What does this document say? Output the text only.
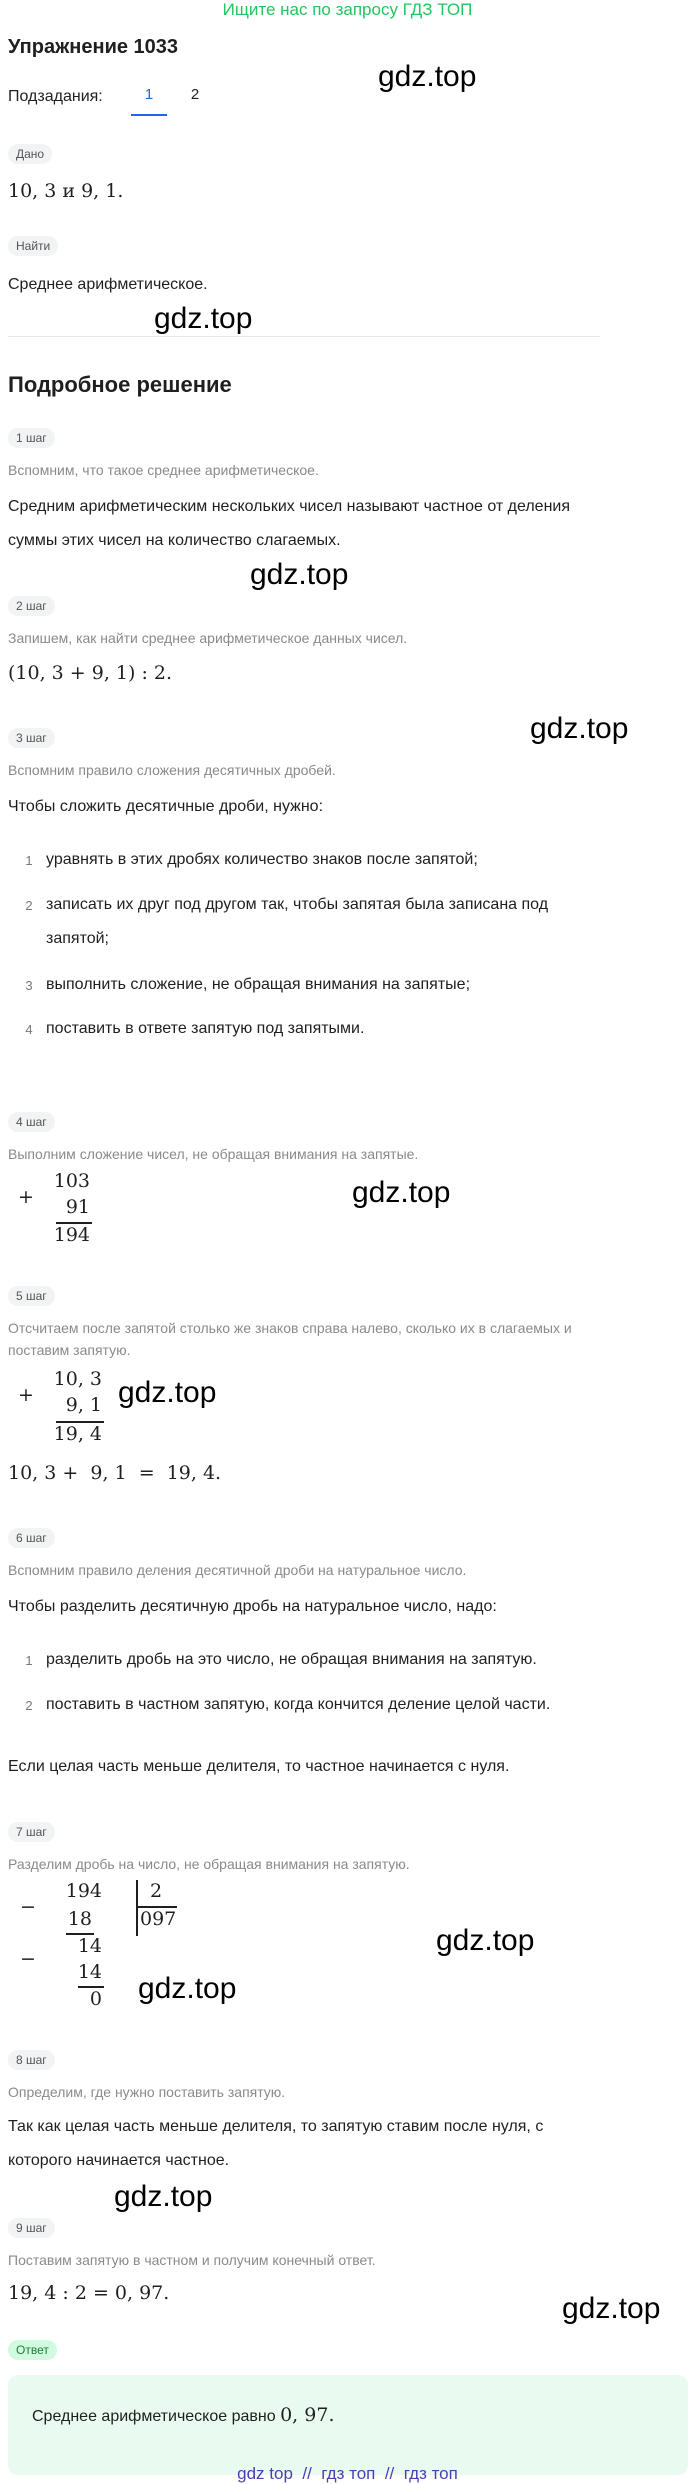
Ищите нас по запросу ГДЗ ТОП
Упражнение 1033
Подзадания:	1	2
gdz.top
Дано
10, 3 и 9, 1.
Найти
Среднее арифметическое.
gdz.top
Подробное решение
1 шаг
Вспомним, что такое среднее арифметическое.
Средним арифметическим нескольких чисел называют частное от деления
суммы этих чисел на количество слагаемых.
gdz.top
2 шаг
Запишем, как найти среднее арифметическое данных чисел.
(10, 3 + 9, 1) : 2.
3 шаг	gdz.top
Вспомним правило сложения десятичных дробей.
Чтобы сложить десятичные дроби, нужно:
1 уравнять в этих дробях количество знаков после запятой;
2 записать их друг под другом так, чтобы запятая была записана под
запятой;
3 выполнить сложение, не обращая внимания на запятые;
4 поставить в ответе запятую под запятыми.
4 шаг
Выполним сложение чисел, не обращая внимания на запятые.
+
103
91
194
gdz.top
5 шаг
Отсчитаем после запятой столько же знаков справа налево, сколько их в слагаемых и
поставим запятую.
+
10, 3
9, 1
19, 4
gdz.top
10, 3 +  9, 1  =  19, 4.
6 шаг
Вспомним правило деления десятичной дроби на натуральное число.
Чтобы разделить десятичную дробь на натуральное число, надо:
1 разделить дробь на это число, не обращая внимания на запятую.
2 поставить в частном запятую, когда кончится деление целой части.
Если целая часть меньше делителя, то частное начинается с нуля.
7 шаг
Разделим дробь на число, не обращая внимания на запятую.
−
194	2
097
18
14
−
14
0
gdz.top
gdz.top
8 шаг
Определим, где нужно поставить запятую.
Так как целая часть меньше делителя, то запятую ставим после нуля, с
которого начинается частное.
gdz.top
9 шаг
Поставим запятую в частном и получим конечный ответ.
19, 4 : 2 = 0, 97.	gdz.top
Ответ
Среднее арифметическое равно 0, 97.
gdz top  //  гдз топ  //  гдз топ
